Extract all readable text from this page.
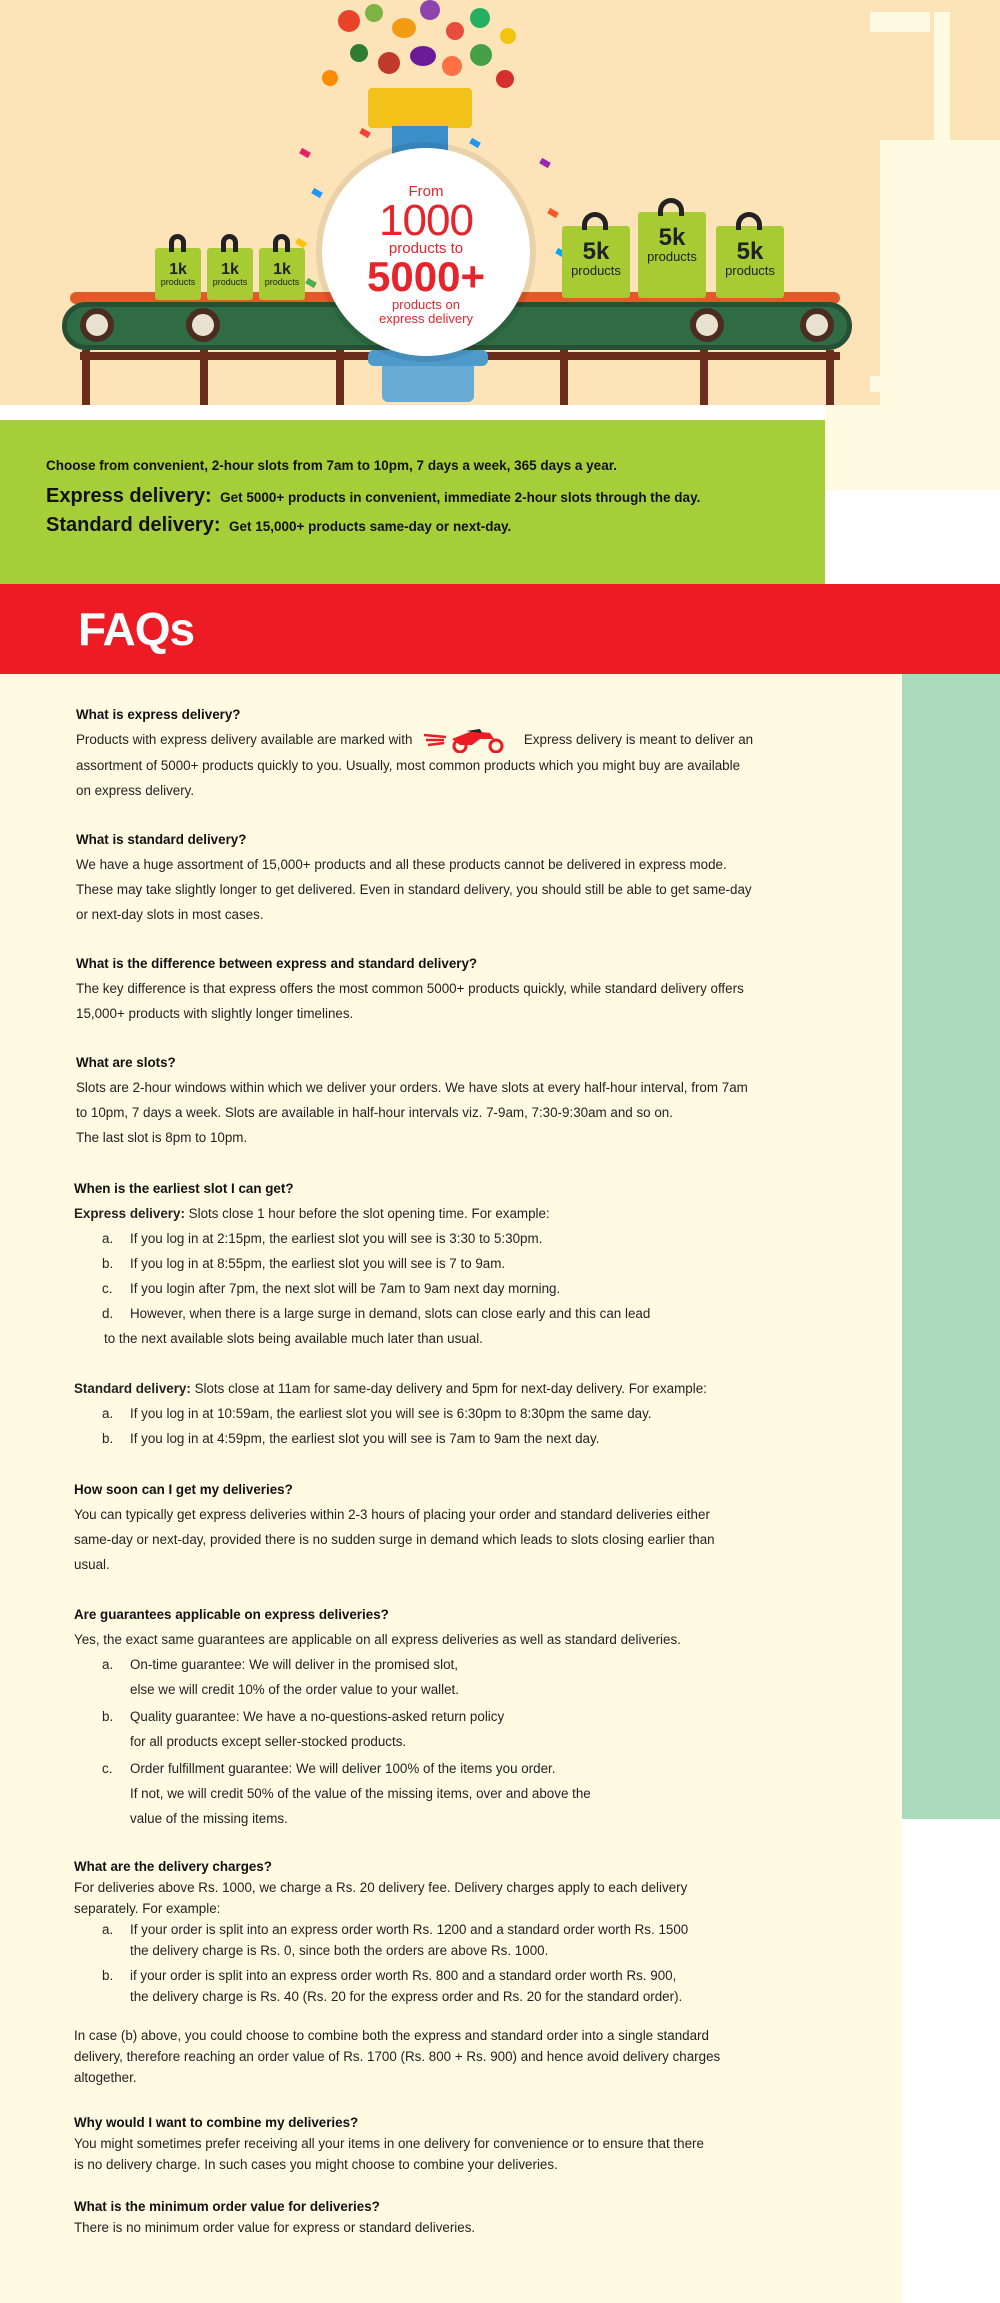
1k
products
1k
products
1k
products
5k
products
5k
products	5k
products
From
1000
products to
5000+
products on
express delivery

Choose from convenient, 2-hour slots from 7am to 10pm, 7 days a week, 365 days a year.

Express delivery: Get 5000+ products in convenient, immediate 2-hour slots through the day.

Standard delivery: Get 15,000+ products same-day or next-day.

FAQs

What is express delivery?

Products with express delivery available are marked with	Express delivery is meant to deliver an

assortment of 5000+ products quickly to you. Usually, most common products which you might buy are available

on express delivery.

What is standard delivery?

We have a huge assortment of 15,000+ products and all these products cannot be delivered in express mode.

These may take slightly longer to get delivered. Even in standard delivery, you should still be able to get same-day

or next-day slots in most cases.

What is the difference between express and standard delivery?

The key difference is that express offers the most common 5000+ products quickly, while standard delivery offers

15,000+ products with slightly longer timelines.

What are slots?

Slots are 2-hour windows within which we deliver your orders. We have slots at every half-hour interval, from 7am

to 10pm, 7 days a week. Slots are available in half-hour intervals viz. 7-9am, 7:30-9:30am and so on.

The last slot is 8pm to 10pm.

When is the earliest slot I can get?

Express delivery: Slots close 1 hour before the slot opening time. For example:

a. If you log in at 2:15pm, the earliest slot you will see is 3:30 to 5:30pm.
b. If you log in at 8:55pm, the earliest slot you will see is 7 to 9am.
c. If you login after 7pm, the next slot will be 7am to 9am next day morning.
d. However, when there is a large surge in demand, slots can close early and this can lead

to the next available slots being available much later than usual.

Standard delivery: Slots close at 11am for same-day delivery and 5pm for next-day delivery. For example:

a. If you log in at 10:59am, the earliest slot you will see is 6:30pm to 8:30pm the same day.
b. If you log in at 4:59pm, the earliest slot you will see is 7am to 9am the next day.

How soon can I get my deliveries?

You can typically get express deliveries within 2-3 hours of placing your order and standard deliveries either

same-day or next-day, provided there is no sudden surge in demand which leads to slots closing earlier than

usual.

Are guarantees applicable on express deliveries?

Yes, the exact same guarantees are applicable on all express deliveries as well as standard deliveries.

a. On-time guarantee: We will deliver in the promised slot,
else we will credit 10% of the order value to your wallet.
b. Quality guarantee: We have a no-questions-asked return policy
for all products except seller-stocked products.
c. Order fulfillment guarantee: We will deliver 100% of the items you order.
If not, we will credit 50% of the value of the missing items, over and above the
value of the missing items.

What are the delivery charges?

For deliveries above Rs. 1000, we charge a Rs. 20 delivery fee. Delivery charges apply to each delivery

separately. For example:

a. If your order is split into an express order worth Rs. 1200 and a standard order worth Rs. 1500
the delivery charge is Rs. 0, since both the orders are above Rs. 1000.
b. if your order is split into an express order worth Rs. 800 and a standard order worth Rs. 900,
the delivery charge is Rs. 40 (Rs. 20 for the express order and Rs. 20 for the standard order).

In case (b) above, you could choose to combine both the express and standard order into a single standard

delivery, therefore reaching an order value of Rs. 1700 (Rs. 800 + Rs. 900) and hence avoid delivery charges

altogether.

Why would I want to combine my deliveries?

You might sometimes prefer receiving all your items in one delivery for convenience or to ensure that there

is no delivery charge. In such cases you might choose to combine your deliveries.

What is the minimum order value for deliveries?

There is no minimum order value for express or standard deliveries.
